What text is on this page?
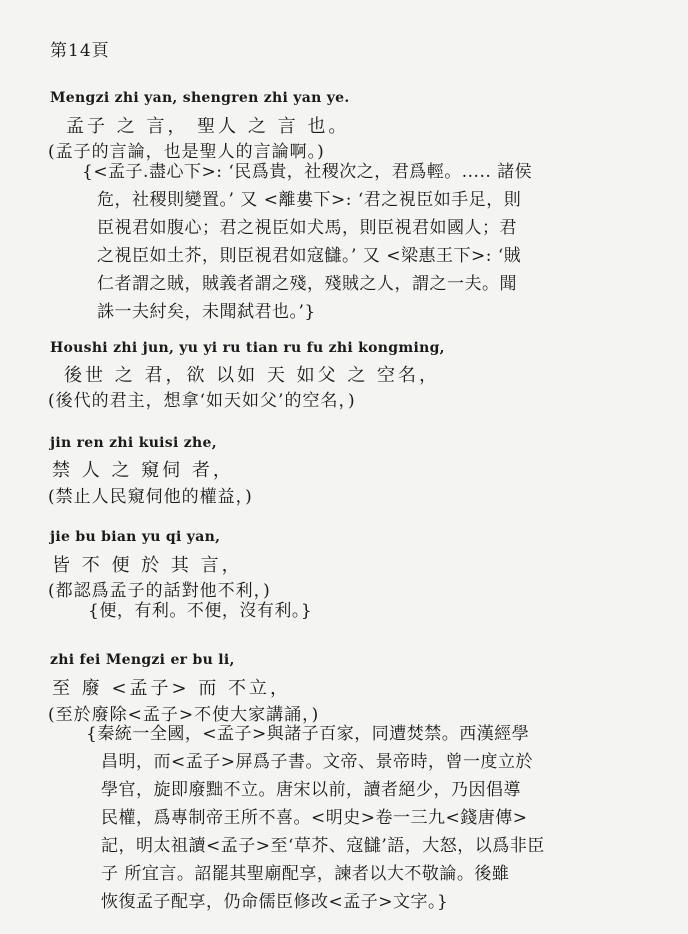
第14頁
Mengzi zhi yan, shengren zhi yan ye.
孟子 之 言， 聖人 之 言 也。
(孟子的言論，也是聖人的言論啊。)
{<孟子.盡心下>: ‘民爲貴，社稷次之，君爲輕。..... 諸侯
危，社稷則變置。’ 又 <離婁下>: ‘君之視臣如手足，則
臣視君如腹心；君之視臣如犬馬，則臣視君如國人；君
之視臣如土芥，則臣視君如寇讎。’ 又 <梁惠王下>: ‘賊
仁者謂之賊，賊義者謂之殘，殘賊之人，謂之一夫。聞
誅一夫紂矣，未聞弑君也。’}
Houshi zhi jun, yu yi ru tian ru fu zhi kongming,
後世 之 君，欲 以如 天 如父 之 空名，
(後代的君主，想拿‘如天如父’的空名，)
jin ren zhi kuisi zhe,
禁 人 之 窺伺 者，
(禁止人民窺伺他的權益，)
jie bu bian yu qi yan,
皆 不 便 於 其 言，
(都認爲孟子的話對他不利，)
{便，有利。不便，沒有利。}
zhi fei Mengzi er bu li,
至 廢 <孟子> 而 不立，
(至於廢除<孟子>不使大家講誦，)
{秦統一全國，<孟子>與諸子百家，同遭焚禁。西漢經學
昌明，而<孟子>屏爲子書。文帝、景帝時，曾一度立於
學官，旋即廢黜不立。唐宋以前，讀者絕少，乃因倡導
民權，爲專制帝王所不喜。<明史>卷一三九<錢唐傳>
記，明太祖讀<孟子>至‘草芥、寇讎’語，大怒，以爲非臣
子 所宜言。詔罷其聖廟配享，諫者以大不敬論。後雖
恢復孟子配享，仍命儒臣修改<孟子>文字。}
